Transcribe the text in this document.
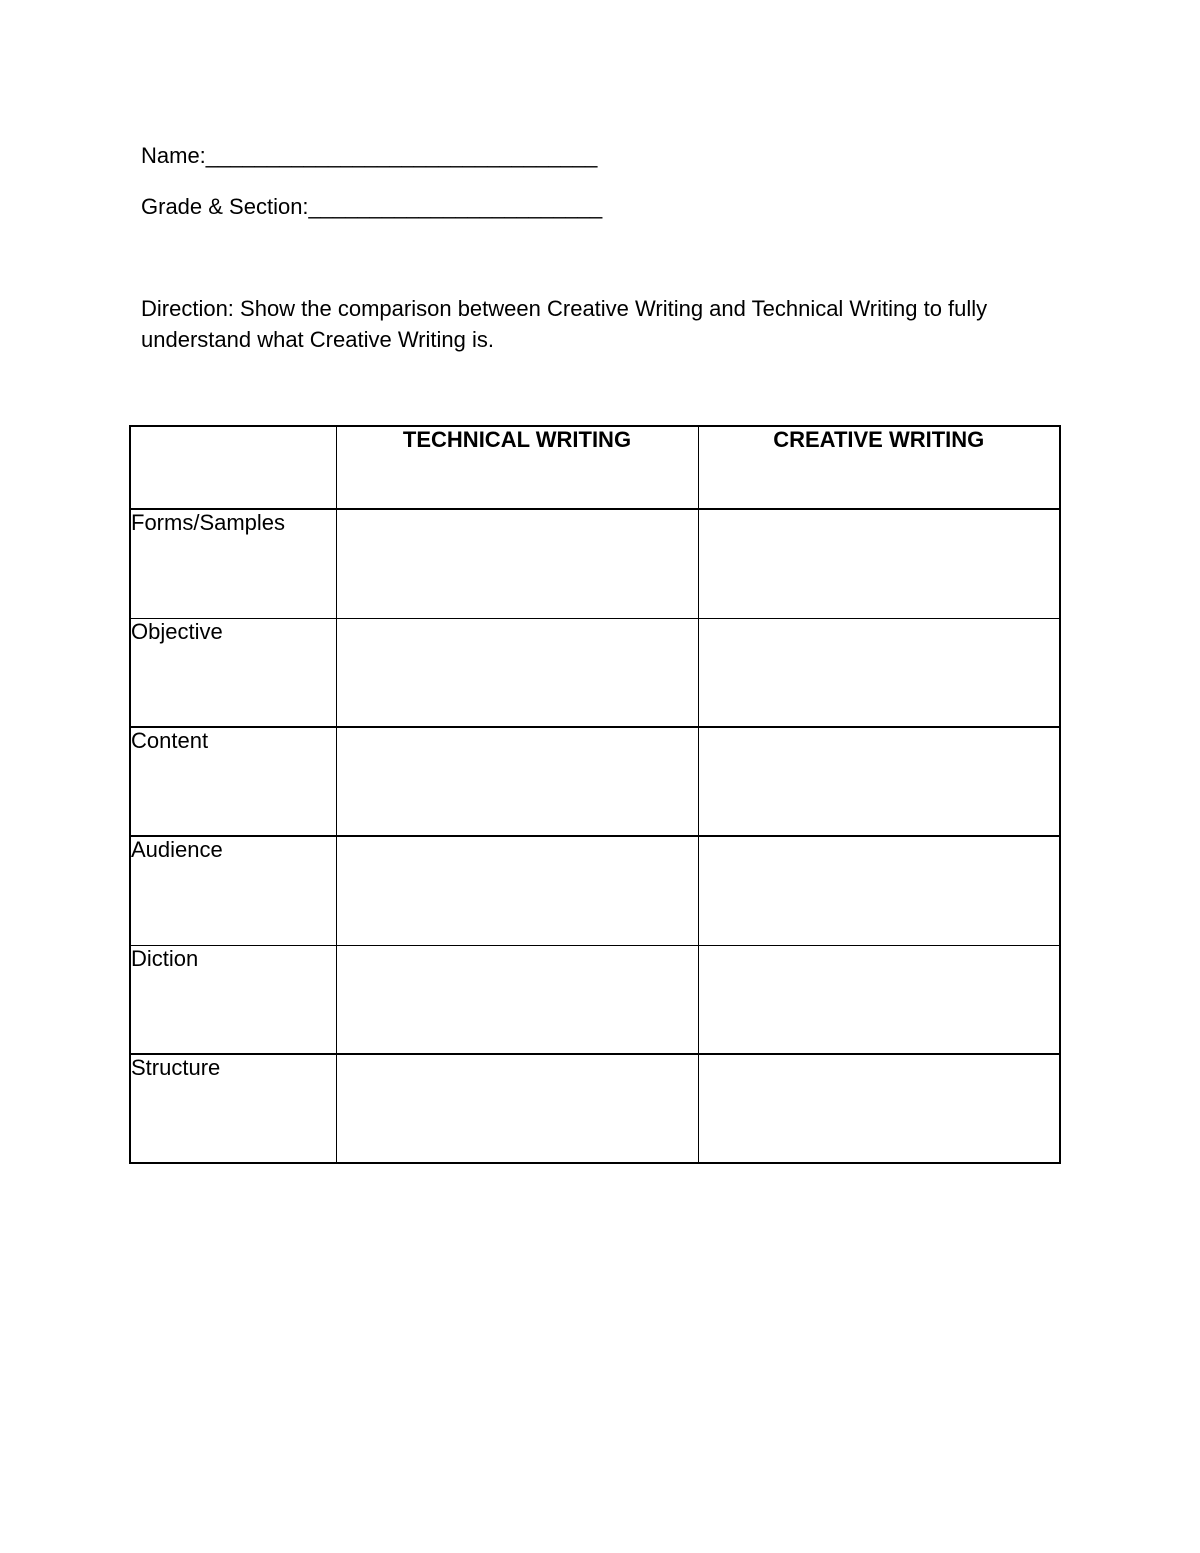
Name:________________________________
Grade & Section:________________________
Direction: Show the comparison between Creative Writing and Technical Writing to fully understand what Creative Writing is.
	TECHNICAL WRITING	CREATIVE WRITING
Forms/Samples		
Objective		
Content		
Audience		
Diction		
Structure		
